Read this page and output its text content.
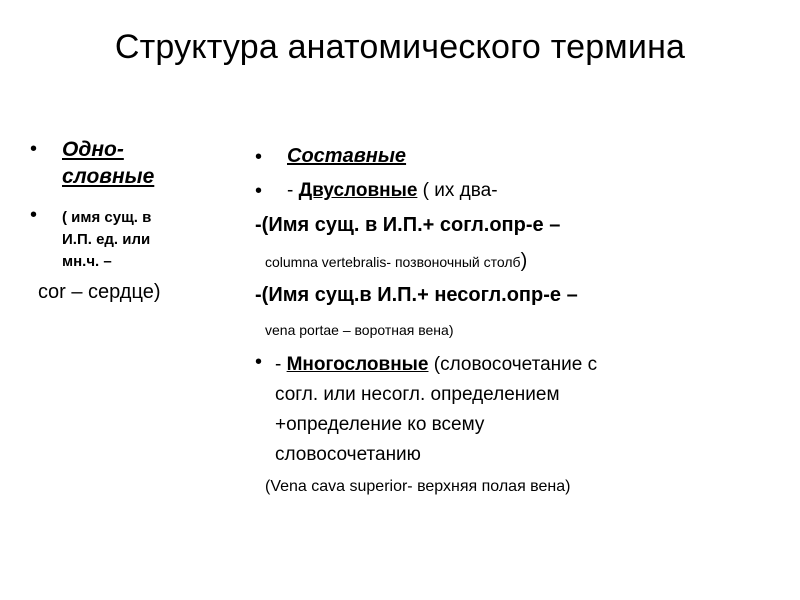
Структура анатомического термина
• Одно-
словные
• ( имя сущ. в
И.П. ед. или
мн.ч. –
cor – сердце)
• Составные
• - Двусловные ( их два-
-(Имя сущ. в И.П.+ согл.опр-е –
columna vertebralis- позвоночный столб)
-(Имя сущ.в И.П.+ несогл.опр-е –
vena portae – воротная вена)
• - Многословные (словосочетание с
согл. или несогл. определением
+определение ко всему
словосочетанию
(Vena cava superior- верхняя полая вена)
